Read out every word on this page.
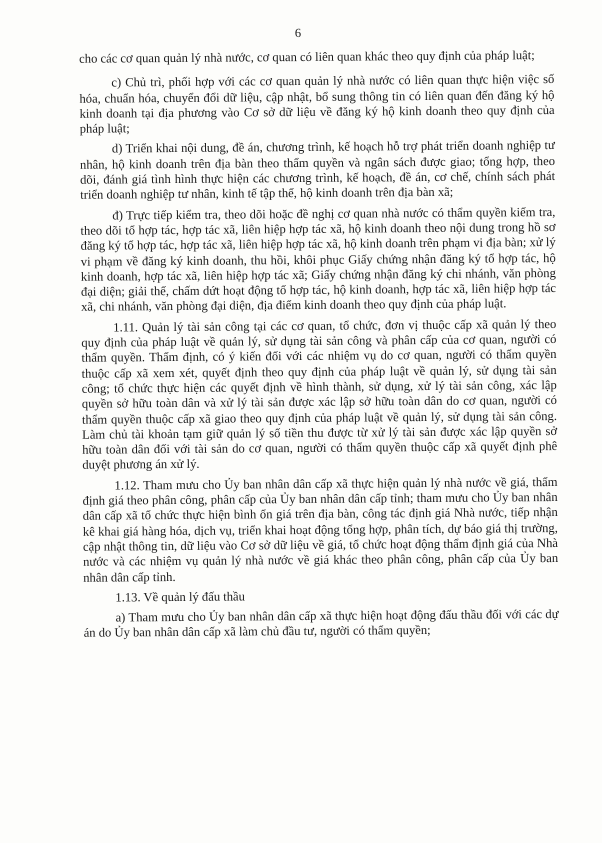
6

cho các cơ quan quản lý nhà nước, cơ quan có liên quan khác theo quy định của pháp luật;

c) Chủ trì, phối hợp với các cơ quan quản lý nhà nước có liên quan thực hiện việc số hóa, chuẩn hóa, chuyển đổi dữ liệu, cập nhật, bổ sung thông tin có liên quan đến đăng ký hộ kinh doanh tại địa phương vào Cơ sở dữ liệu về đăng ký hộ kinh doanh theo quy định của pháp luật;

d) Triển khai nội dung, đề án, chương trình, kế hoạch hỗ trợ phát triển doanh nghiệp tư nhân, hộ kinh doanh trên địa bàn theo thẩm quyền và ngân sách được giao; tổng hợp, theo dõi, đánh giá tình hình thực hiện các chương trình, kế hoạch, đề án, cơ chế, chính sách phát triển doanh nghiệp tư nhân, kinh tế tập thể, hộ kinh doanh trên địa bàn xã;

đ) Trực tiếp kiểm tra, theo dõi hoặc đề nghị cơ quan nhà nước có thẩm quyền kiểm tra, theo dõi tổ hợp tác, hợp tác xã, liên hiệp hợp tác xã, hộ kinh doanh theo nội dung trong hồ sơ đăng ký tổ hợp tác, hợp tác xã, liên hiệp hợp tác xã, hộ kinh doanh trên phạm vi địa bàn; xử lý vi phạm về đăng ký kinh doanh, thu hồi, khôi phục Giấy chứng nhận đăng ký tổ hợp tác, hộ kinh doanh, hợp tác xã, liên hiệp hợp tác xã; Giấy chứng nhận đăng ký chi nhánh, văn phòng đại diện; giải thể, chấm dứt hoạt động tổ hợp tác, hộ kinh doanh, hợp tác xã, liên hiệp hợp tác xã, chi nhánh, văn phòng đại diện, địa điểm kinh doanh theo quy định của pháp luật.

1.11. Quản lý tài sản công tại các cơ quan, tổ chức, đơn vị thuộc cấp xã quản lý theo quy định của pháp luật về quản lý, sử dụng tài sản công và phân cấp của cơ quan, người có thẩm quyền. Thẩm định, có ý kiến đối với các nhiệm vụ do cơ quan, người có thẩm quyền thuộc cấp xã xem xét, quyết định theo quy định của pháp luật về quản lý, sử dụng tài sản công; tổ chức thực hiện các quyết định về hình thành, sử dụng, xử lý tài sản công, xác lập quyền sở hữu toàn dân và xử lý tài sản được xác lập sở hữu toàn dân do cơ quan, người có thẩm quyền thuộc cấp xã giao theo quy định của pháp luật về quản lý, sử dụng tài sản công. Làm chủ tài khoản tạm giữ quản lý số tiền thu được từ xử lý tài sản được xác lập quyền sở hữu toàn dân đối với tài sản do cơ quan, người có thẩm quyền thuộc cấp xã quyết định phê duyệt phương án xử lý.

1.12. Tham mưu cho Ủy ban nhân dân cấp xã thực hiện quản lý nhà nước về giá, thẩm định giá theo phân công, phân cấp của Ủy ban nhân dân cấp tỉnh; tham mưu cho Ủy ban nhân dân cấp xã tổ chức thực hiện bình ổn giá trên địa bàn, công tác định giá Nhà nước, tiếp nhận kê khai giá hàng hóa, dịch vụ, triển khai hoạt động tổng hợp, phân tích, dự báo giá thị trường, cập nhật thông tin, dữ liệu vào Cơ sở dữ liệu về giá, tổ chức hoạt động thẩm định giá của Nhà nước và các nhiệm vụ quản lý nhà nước về giá khác theo phân công, phân cấp của Ủy ban nhân dân cấp tỉnh.

1.13. Về quản lý đấu thầu

a) Tham mưu cho Ủy ban nhân dân cấp xã thực hiện hoạt động đấu thầu đối với các dự án do Ủy ban nhân dân cấp xã làm chủ đầu tư, người có thẩm quyền;
